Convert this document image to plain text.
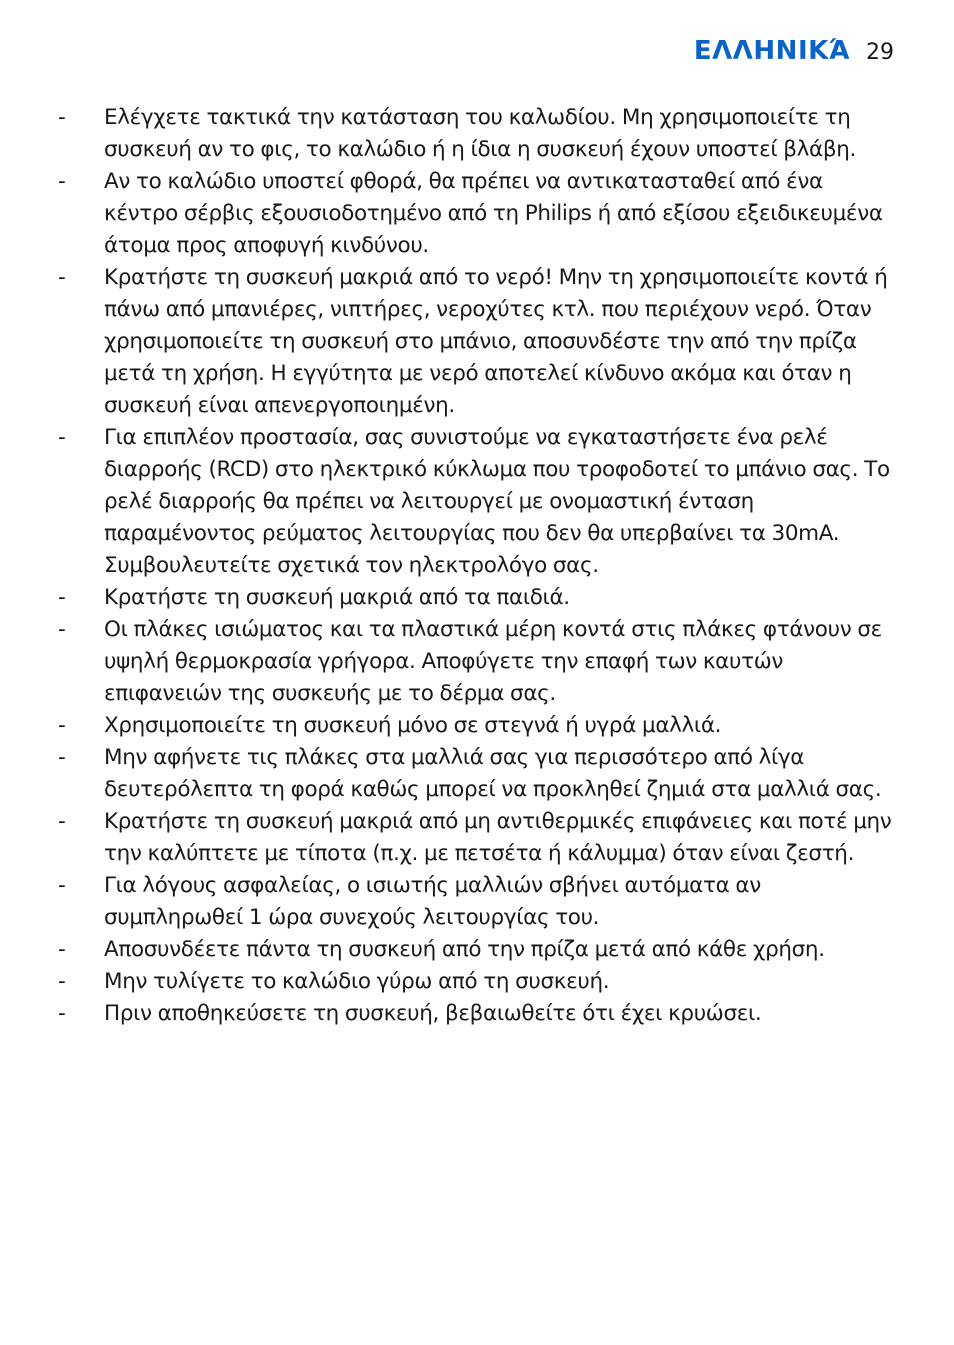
ΕΛΛΗΝΙΚΆ 29
- Ελέγχετε τακτικά την κατάσταση του καλωδίου. Μη χρησιμοποιείτε τη συσκευή αν το φις, το καλώδιο ή η ίδια η συσκευή έχουν υποστεί βλάβη.
- Αν το καλώδιο υποστεί φθορά, θα πρέπει να αντικατασταθεί από ένα κέντρο σέρβις εξουσιοδοτημένο από τη Philips ή από εξίσου εξειδικευμένα άτομα προς αποφυγή κινδύνου.
- Κρατήστε τη συσκευή μακριά από το νερό! Μην τη χρησιμοποιείτε κοντά ή πάνω από μπανιέρες, νιπτήρες, νεροχύτες κτλ. που περιέχουν νερό. Όταν χρησιμοποιείτε τη συσκευή στο μπάνιο, αποσυνδέστε την από την πρίζα μετά τη χρήση. Η εγγύτητα με νερό αποτελεί κίνδυνο ακόμα και όταν η συσκευή είναι απενεργοποιημένη.
- Για επιπλέον προστασία, σας συνιστούμε να εγκαταστήσετε ένα ρελέ διαρροής (RCD) στο ηλεκτρικό κύκλωμα που τροφοδοτεί το μπάνιο σας. Το ρελέ διαρροής θα πρέπει να λειτουργεί με ονομαστική ένταση παραμένοντος ρεύματος λειτουργίας που δεν θα υπερβαίνει τα 30mA. Συμβουλευτείτε σχετικά τον ηλεκτρολόγο σας.
- Κρατήστε τη συσκευή μακριά από τα παιδιά.
- Οι πλάκες ισιώματος και τα πλαστικά μέρη κοντά στις πλάκες φτάνουν σε υψηλή θερμοκρασία γρήγορα. Αποφύγετε την επαφή των καυτών επιφανειών της συσκευής με το δέρμα σας.
- Χρησιμοποιείτε τη συσκευή μόνο σε στεγνά ή υγρά μαλλιά.
- Μην αφήνετε τις πλάκες στα μαλλιά σας για περισσότερο από λίγα δευτερόλεπτα τη φορά καθώς μπορεί να προκληθεί ζημιά στα μαλλιά σας.
- Κρατήστε τη συσκευή μακριά από μη αντιθερμικές επιφάνειες και ποτέ μην την καλύπτετε με τίποτα (π.χ. με πετσέτα ή κάλυμμα) όταν είναι ζεστή.
- Για λόγους ασφαλείας, ο ισιωτής μαλλιών σβήνει αυτόματα αν συμπληρωθεί 1 ώρα συνεχούς λειτουργίας του.
- Αποσυνδέετε πάντα τη συσκευή από την πρίζα μετά από κάθε χρήση.
- Μην τυλίγετε το καλώδιο γύρω από τη συσκευή.
- Πριν αποθηκεύσετε τη συσκευή, βεβαιωθείτε ότι έχει κρυώσει.
